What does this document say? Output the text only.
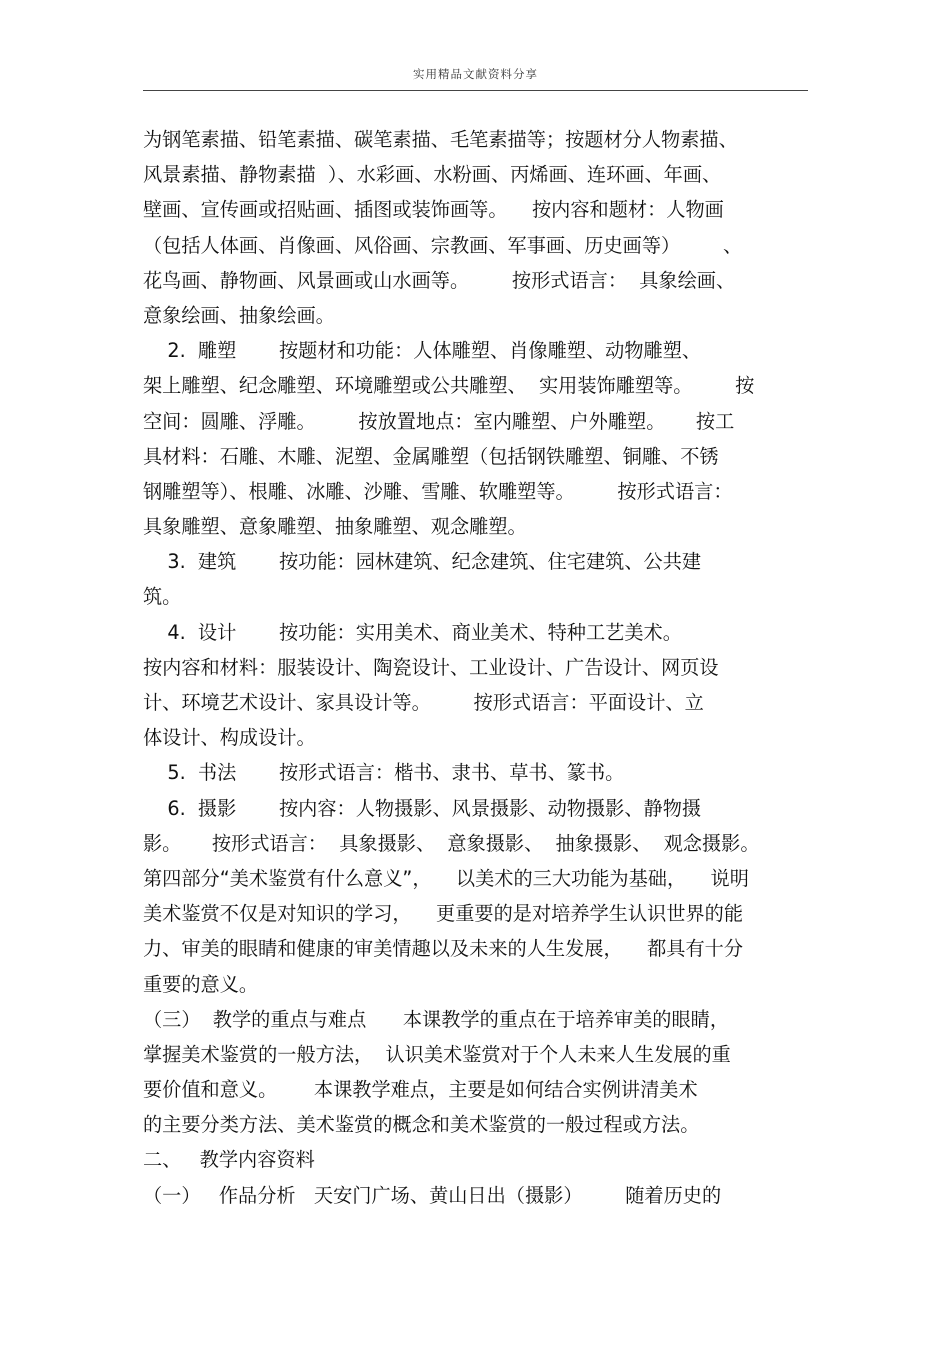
实用精品文献资料分享
为钢笔素描、铅笔素描、碳笔素描、毛笔素描等；按题材分人物素描、
风景素描、静物素描  ）、水彩画、水粉画、丙烯画、连环画、年画、
壁画、宣传画或招贴画、插图或装饰画等。    按内容和题材：人物画
（包括人体画、肖像画、风俗画、宗教画、军事画、历史画等）       、
花鸟画、静物画、风景画或山水画等。       按形式语言：  具象绘画、
意象绘画、抽象绘画。
2.  雕塑       按题材和功能：人体雕塑、肖像雕塑、动物雕塑、
架上雕塑、纪念雕塑、环境雕塑或公共雕塑、  实用装饰雕塑等。       按
空间：圆雕、浮雕。       按放置地点：室内雕塑、户外雕塑。     按工
具材料：石雕、木雕、泥塑、金属雕塑（包括钢铁雕塑、铜雕、不锈
钢雕塑等）、根雕、冰雕、沙雕、雪雕、软雕塑等。       按形式语言：
具象雕塑、意象雕塑、抽象雕塑、观念雕塑。
3.  建筑       按功能：园林建筑、纪念建筑、住宅建筑、公共建
筑。
4.  设计       按功能：实用美术、商业美术、特种工艺美术。
按内容和材料：服装设计、陶瓷设计、工业设计、广告设计、网页设
计、环境艺术设计、家具设计等。       按形式语言：平面设计、立
体设计、构成设计。
5.  书法       按形式语言：楷书、隶书、草书、篆书。
6.  摄影       按内容：人物摄影、风景摄影、动物摄影、静物摄
影。     按形式语言：  具象摄影、  意象摄影、  抽象摄影、  观念摄影。
第四部分“美术鉴赏有什么意义”，    以美术的三大功能为基础，    说明
美术鉴赏不仅是对知识的学习，    更重要的是对培养学生认识世界的能
力、审美的眼睛和健康的审美情趣以及未来的人生发展，    都具有十分
重要的意义。
（三）  教学的重点与难点      本课教学的重点在于培养审美的眼睛，
掌握美术鉴赏的一般方法，  认识美术鉴赏对于个人未来人生发展的重
要价值和意义。      本课教学难点，主要是如何结合实例讲清美术
的主要分类方法、美术鉴赏的概念和美术鉴赏的一般过程或方法。
二、   教学内容资料
（一）   作品分析   天安门广场、黄山日出（摄影）       随着历史的
